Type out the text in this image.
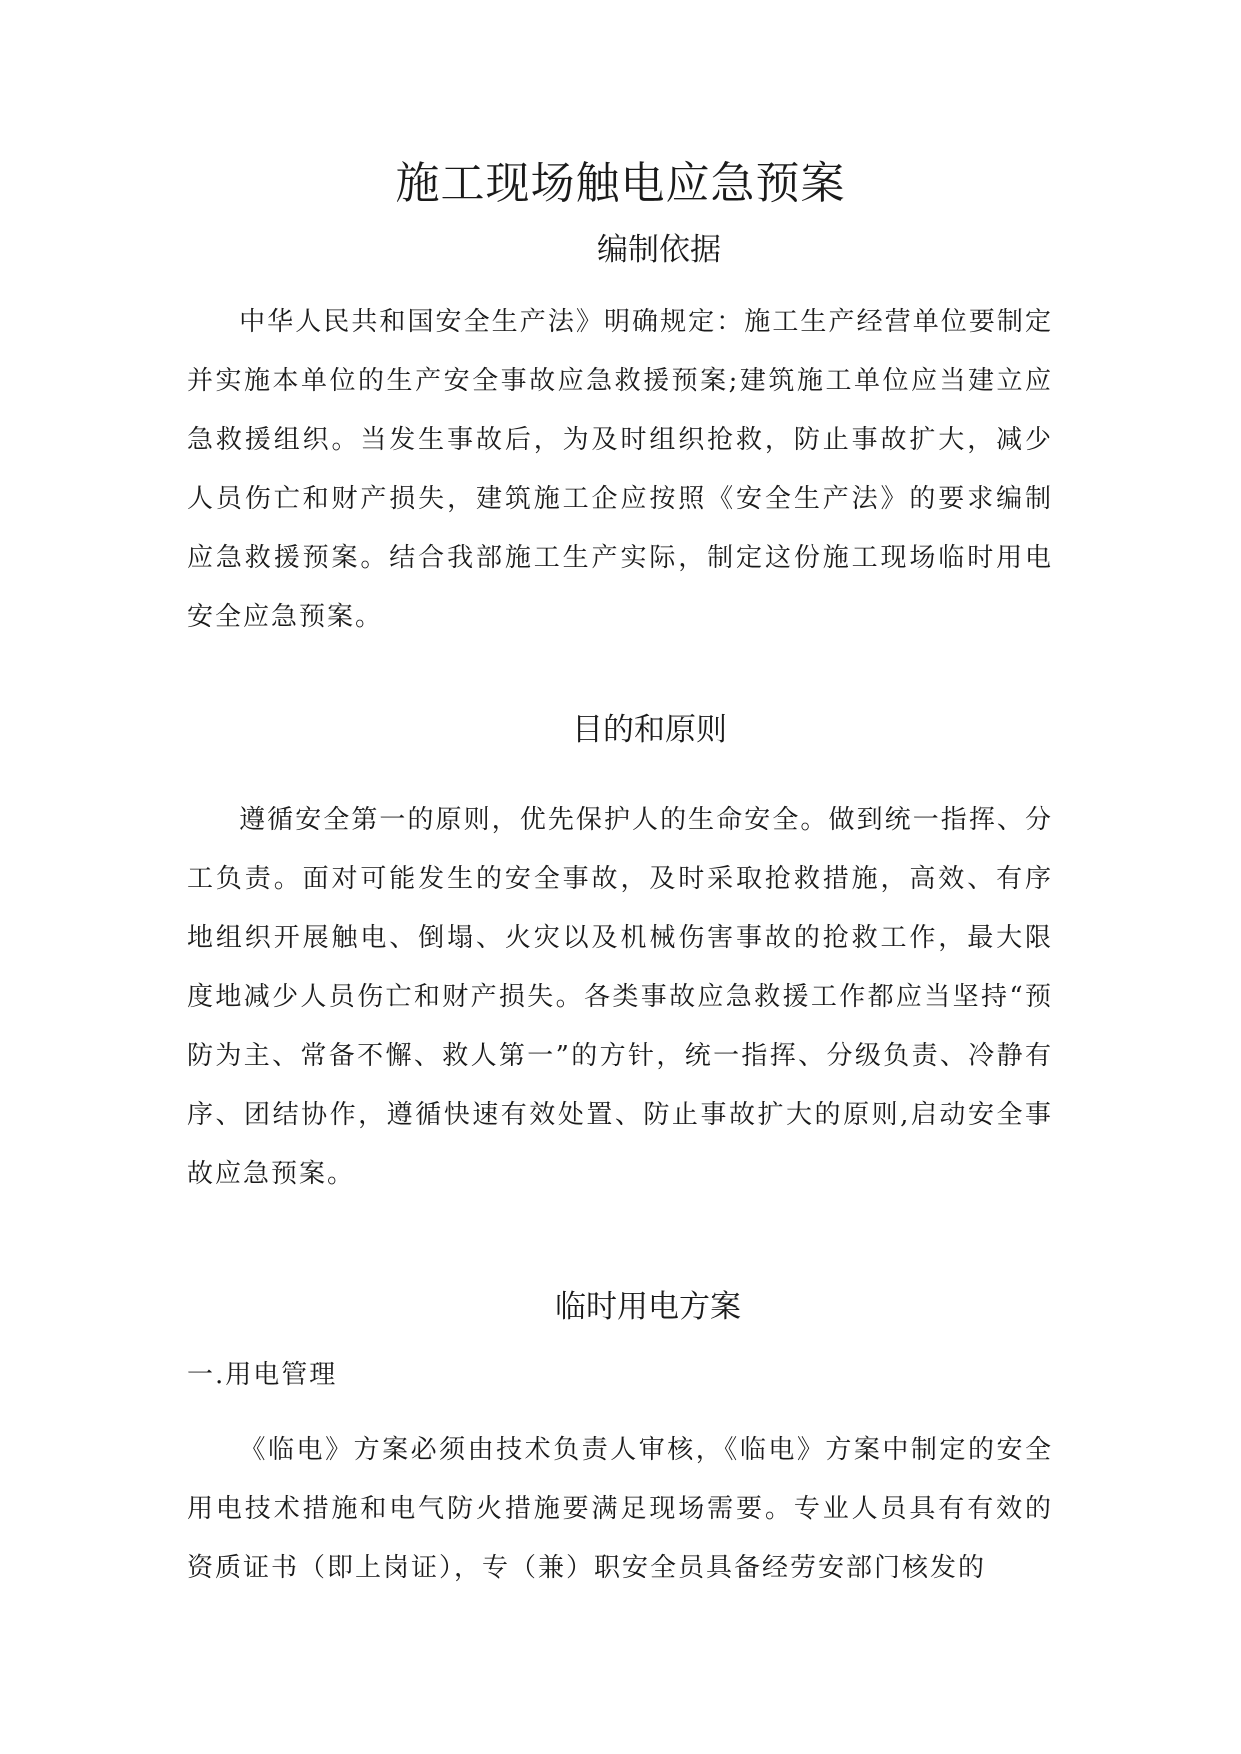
施工现场触电应急预案
编制依据

中华人民共和国安全生产法》明确规定：施工生产经营单位要制定并实施本单位的生产安全事故应急救援预案;建筑施工单位应当建立应急救援组织。当发生事故后，为及时组织抢救，防止事故扩大，减少人员伤亡和财产损失，建筑施工企应按照《安全生产法》的要求编制应急救援预案。结合我部施工生产实际，制定这份施工现场临时用电安全应急预案。

目的和原则

遵循安全第一的原则，优先保护人的生命安全。做到统一指挥、分工负责。面对可能发生的安全事故，及时采取抢救措施，高效、有序地组织开展触电、倒塌、火灾以及机械伤害事故的抢救工作，最大限度地减少人员伤亡和财产损失。各类事故应急救援工作都应当坚持“预防为主、常备不懈、救人第一”的方针，统一指挥、分级负责、冷静有序、团结协作，遵循快速有效处置、防止事故扩大的原则,启动安全事故应急预案。

临时用电方案

一.用电管理

《临电》方案必须由技术负责人审核，《临电》方案中制定的安全用电技术措施和电气防火措施要满足现场需要。专业人员具有有效的资质证书（即上岗证），专（兼）职安全员具备经劳安部门核发的
